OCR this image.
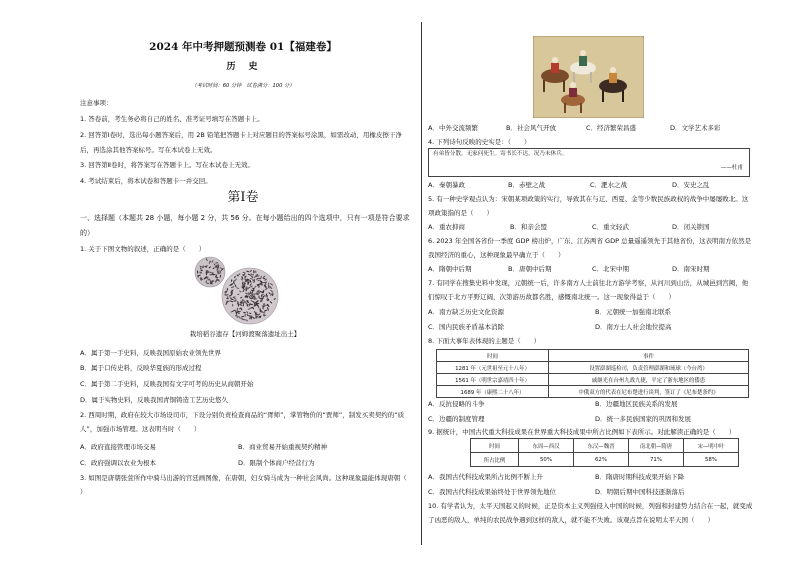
2024 年中考押题预测卷 01【福建卷】
历　史
（考试时间：60 分钟　试卷满分：100 分）
注意事项：
1. 答卷前，考生务必将自己的姓名、准考证号填写在答题卡上。
2. 回答第Ⅰ卷时，选出每小题答案后，用 2B 铅笔把答题卡上对应题目的答案标号涂黑，如需改动，用橡皮擦干净后，再选涂其他答案标号。写在本试卷上无效。
3. 回答第Ⅱ卷时，将答案写在答题卡上。写在本试卷上无效。
4. 考试结束后，将本试卷和答题卡一并交回。
第Ⅰ卷
一、选择题（本题共 28 小题，每小题 2 分，共 56 分。在每小题给出的四个选项中，只有一项是符合要求的）
1. 关于下图文物的叙述，正确的是（　　）
栽培稻谷遗存【河姆渡聚落遗址出土】
A．属于第一手史料，反映我国原始农业领先世界
B．属于口传史料，反映华夏族的形成过程
C．属于第二手史料，反映我国有文字可考的历史从商朝开始
D．属于实物史料，反映我国青铜铸造工艺历史悠久
2. 西周时期，政府在较大市场设司市，下设分别负责检查商品的“胥师”，掌管物价的“贾师”，制发买卖契约的“质人”，加强市场管理。这表明当时（　　）
A．政府直接管理市场交易	B．商业贸易开始重视契约精神
C．政府强调以农业为根本	D．限制个体商户经营行为
3. 如图是唐朝张萱所作中骑马出游的宫廷画图像，在唐朝，妇女骑马成为一种社会风尚。这种现象最能体现唐朝（　　）
A．中外交流频繁	B．社会风气开放	C．经济繁荣昌盛	D．文学艺术多彩
4. 下列诗句反映的史实是：（　　）
有弟皆分散，无家问死生。寄书长不达，况乃未休兵。
——杜甫
A．秦朝暴政	B．赤壁之战	C．淝水之战	D．安史之乱
5. 有一种史学观点认为：宋朝某项政策的实行，导致其在与辽、西夏、金等少数民族政权的战争中屡屡败北。这项政策指的是（　　）
A．重农抑商	B．和亲会盟	C．重文轻武	D．闭关锁国
6. 2023 年全国各省份一季度 GDP 榜出炉，广东、江苏两省 GDP 总量遥遥领先于其他省份，这表明南方依然是我国经济的重心，这种现象最早确立于（　　）
A．隋朝中后期	B．唐朝中后期	C．北宋中期	D．南宋时期
7. 有同学在搜集史料中发现，元朝统一后，许多南方人士前往北方游学考察，从河川到山岳，从城邑到宫阙，他们惊叹于北方平野辽阔，次第游历故都名胜，感慨南北统一。这一现象得益于（　　）
A．南方缺乏历史文化资源	B．元朝统一加强南北联系
C．国内民族矛盾基本消除	D．南方士人社会地位提高
8. 下面大事年表体现的主题是（　　）
时间	事件
1281 年（元世祖至元十八年）	设置澎湖巡检司，负责管理澎湖和琉球（今台湾）
1561 年（明世宗嘉靖四十年）	戚继光在台州九战九捷，平定了浙东地区的倭患
1689 年（康熙二十八年）	中俄双方的代表在尼布楚进行谈判，签订了《尼布楚条约》
A．反抗侵略的斗争	B．边疆地区民族关系的发展
C．边疆的制度管理	D．统一多民族国家的巩固和发展
9. 据统计，中国古代重大科技成果在世界重大科技成果中所占比例如下表所示。对此解读正确的是（　　）
时间	东周—西汉	东汉—魏晋	南北朝—隋唐	宋—明中叶
所占比例	50%	62%	71%	58%
A．我国古代科技成果所占比例不断上升	B．隋唐时期科技成果开始下降
C．我国古代科技成果始终处于世界领先地位	D．明朝后期中国科技逐渐落后
10. 有学者认为，太平天国起义的时候，正是资本主义列强侵入中国的时候，列强和封建势力结合在一起，就变成了凶恶的敌人，单纯的农民战争遇到这样的敌人，就不能不失败。该观点旨在说明太平天国（　　）
